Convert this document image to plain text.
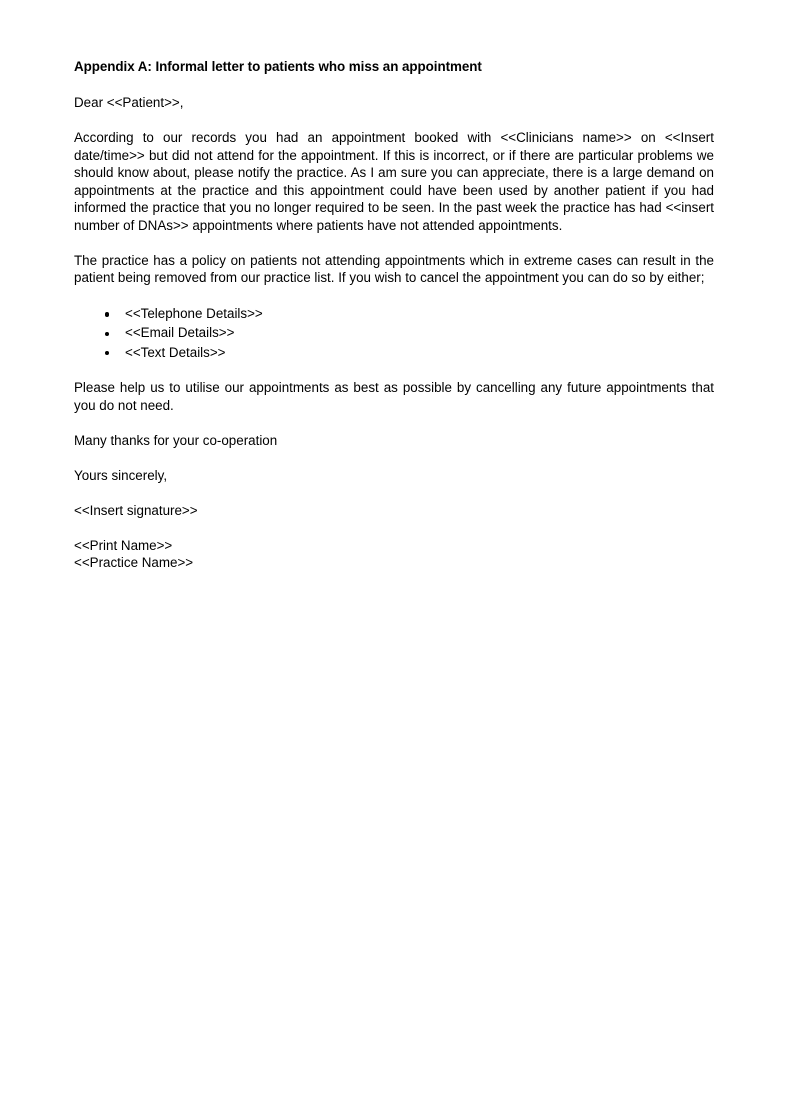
Appendix A: Informal letter to patients who miss an appointment

Dear <<Patient>>,

According to our records you had an appointment booked with <<Clinicians name>> on <<Insert date/time>> but did not attend for the appointment. If this is incorrect, or if there are particular problems we should know about, please notify the practice. As I am sure you can appreciate, there is a large demand on appointments at the practice and this appointment could have been used by another patient if you had informed the practice that you no longer required to be seen. In the past week the practice has had <<insert number of DNAs>> appointments where patients have not attended appointments.

The practice has a policy on patients not attending appointments which in extreme cases can result in the patient being removed from our practice list. If you wish to cancel the appointment you can do so by either;

<<Telephone Details>>
<<Email Details>>
<<Text Details>>

Please help us to utilise our appointments as best as possible by cancelling any future appointments that you do not need.

Many thanks for your co-operation

Yours sincerely,

<<Insert signature>>

<<Print Name>>
<<Practice Name>>
